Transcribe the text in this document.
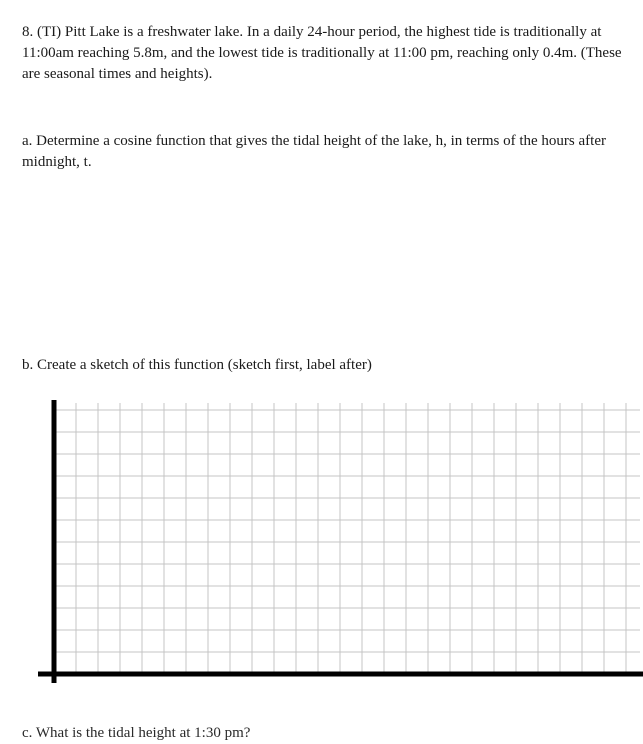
8. (TI) Pitt Lake is a freshwater lake. In a daily 24-hour period, the highest tide is traditionally at 11:00am reaching 5.8m, and the lowest tide is traditionally at 11:00 pm, reaching only 0.4m. (These are seasonal times and heights).

a. Determine a cosine function that gives the tidal height of the lake, h, in terms of the hours after midnight, t.

b. Create a sketch of this function (sketch first, label after)

c. What is the tidal height at 1:30 pm?
